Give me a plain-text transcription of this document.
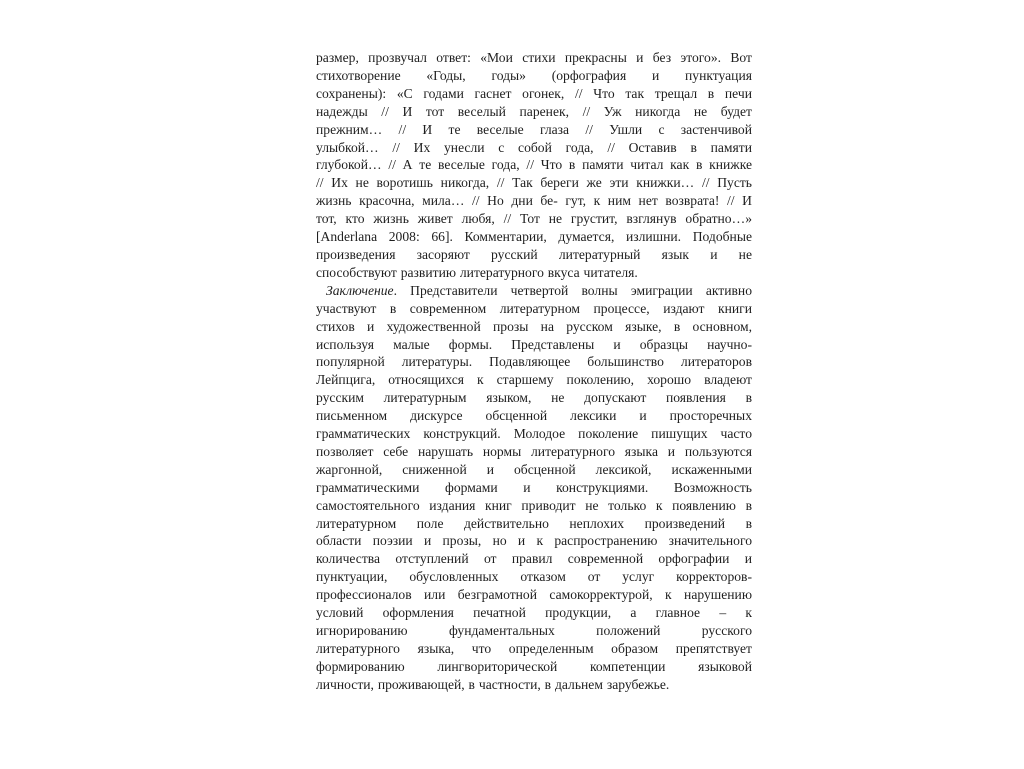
размер, прозвучал ответ: «Мои стихи прекрасны и без этого». Вот
стихотворение «Годы, годы» (орфография и пунктуация
сохранены): «С годами гаснет огонек, // Что так трещал в печи
надежды // И тот веселый паренек, // Уж никогда не будет
прежним… // И те веселые глаза // Ушли с застенчивой
улыбкой… // Их унесли с собой года, // Оставив в памяти
глубокой… // А те веселые года, // Что в памяти читал как в книжке
// Их не воротишь никогда, // Так береги же эти книжки… // Пусть
жизнь красочна, мила… // Но дни бе- гут, к ним нет возврата! // И
тот, кто жизнь живет любя, // Тот не грустит, взглянув обратно…»
[Anderlana 2008: 66]. Комментарии, думается, излишни. Подобные
произведения засоряют русский литературный язык и не
способствуют развитию литературного вкуса читателя.
Заключение. Представители четвертой волны эмиграции активно
участвуют в современном литературном процессе, издают книги
стихов и художественной прозы на русском языке, в основном,
используя малые формы. Представлены и образцы научно-
популярной литературы. Подавляющее большинство литераторов
Лейпцига, относящихся к старшему поколению, хорошо владеют
русским литературным языком, не допускают появления в
письменном дискурсе обсценной лексики и просторечных
грамматических конструкций. Молодое поколение пишущих часто
позволяет себе нарушать нормы литературного языка и пользуются
жаргонной, сниженной и обсценной лексикой, искаженными
грамматическими формами и конструкциями. Возможность
самостоятельного издания книг приводит не только к появлению в
литературном поле действительно неплохих произведений в
области поэзии и прозы, но и к распространению значительного
количества отступлений от правил современной орфографии и
пунктуации, обусловленных отказом от услуг корректоров-
профессионалов или безграмотной самокорректурой, к нарушению
условий оформления печатной продукции, а главное – к
игнорированию фундаментальных положений русского
литературного языка, что определенным образом препятствует
формированию лингвориторической компетенции языковой
личности, проживающей, в частности, в дальнем зарубежье.
